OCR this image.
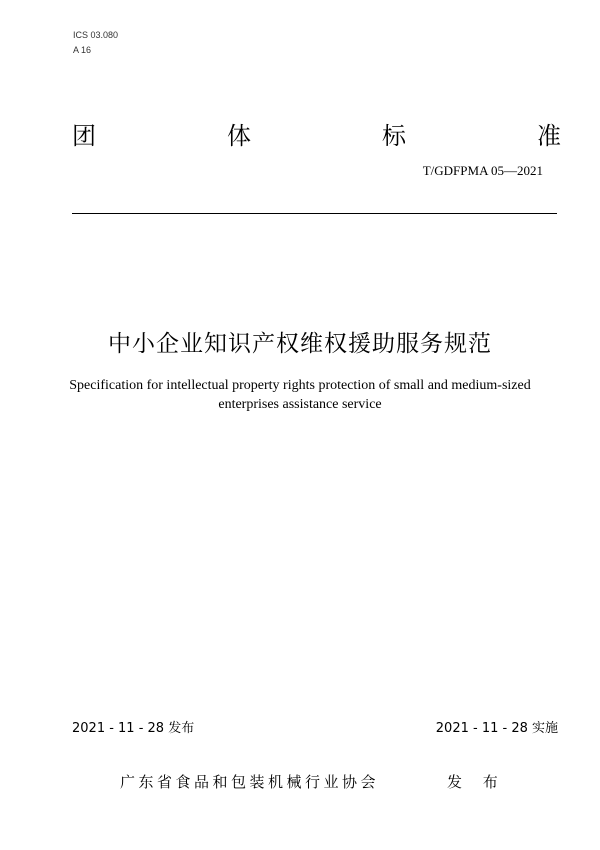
ICS 03.080
A 16
团	体	标	准
T/GDFPMA 05—2021
中小企业知识产权维权援助服务规范
Specification for intellectual property rights protection of small and medium-sized
enterprises assistance service
2021 - 11 - 28 发布	2021 - 11 - 28 实施
广东省食品和包装机械行业协会	发 布
